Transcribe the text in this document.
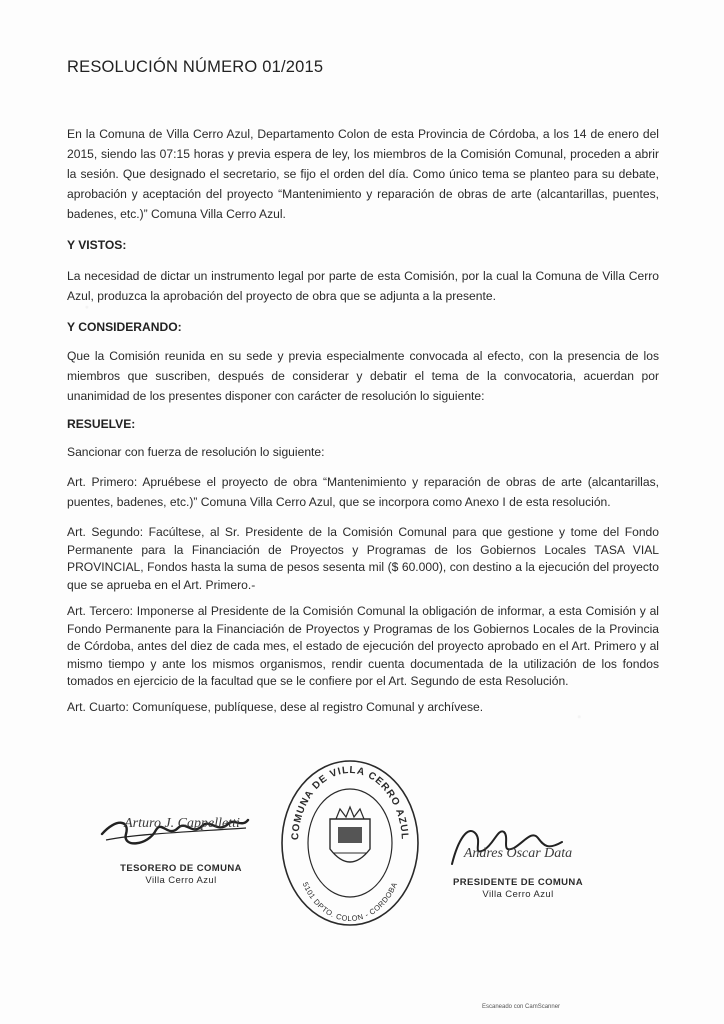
RESOLUCIÓN NÚMERO 01/2015
En la Comuna de Villa Cerro Azul, Departamento Colon de esta Provincia de Córdoba, a los 14 de enero del 2015, siendo las 07:15 horas y previa espera de ley, los miembros de la Comisión Comunal, proceden a abrir la sesión. Que designado el secretario, se fijo el orden del día. Como único tema se planteo para su debate, aprobación y aceptación del proyecto “Mantenimiento y reparación de obras de arte (alcantarillas, puentes, badenes, etc.)” Comuna Villa Cerro Azul.
Y VISTOS:
La necesidad de dictar un instrumento legal por parte de esta Comisión, por la cual la Comuna de Villa Cerro Azul, produzca la aprobación del proyecto de obra que se adjunta a la presente.
Y CONSIDERANDO:
Que la Comisión reunida en su sede y previa especialmente convocada al efecto, con la presencia de los miembros que suscriben, después de considerar y debatir el tema de la convocatoria, acuerdan por unanimidad de los presentes disponer con carácter de resolución lo siguiente:
RESUELVE:
Sancionar con fuerza de resolución lo siguiente:
Art. Primero: Apruébese el proyecto de obra “Mantenimiento y reparación de obras de arte (alcantarillas, puentes, badenes, etc.)” Comuna Villa Cerro Azul, que se incorpora como Anexo I de esta resolución.
Art. Segundo: Facúltese, al Sr. Presidente de la Comisión Comunal para que gestione y tome del Fondo Permanente para la Financiación de Proyectos y Programas de los Gobiernos Locales TASA VIAL PROVINCIAL, Fondos hasta la suma de pesos sesenta mil ($ 60.000), con destino a la ejecución del proyecto que se aprueba en el Art. Primero.-
Art. Tercero: Imponerse al Presidente de la Comisión Comunal la obligación de informar, a esta Comisión y al Fondo Permanente para la Financiación de Proyectos y Programas de los Gobiernos Locales de la Provincia de Córdoba, antes del diez de cada mes, el estado de ejecución del proyecto aprobado en el Art. Primero y al mismo tiempo y ante los mismos organismos, rendir cuenta documentada de la utilización de los fondos tomados en ejercicio de la facultad que se le confiere por el Art. Segundo de esta Resolución.
Art. Cuarto: Comuníquese, publíquese, dese al registro Comunal y archívese.
Arturo J. Cappelletti
TESORERO DE COMUNA
Villa Cerro Azul
COMUNA DE VILLA CERRO AZUL
5101 DPTO. COLON - CORDOBA
Andres Oscar Data
PRESIDENTE DE COMUNA
Villa Cerro Azul
Escaneado con CamScanner
